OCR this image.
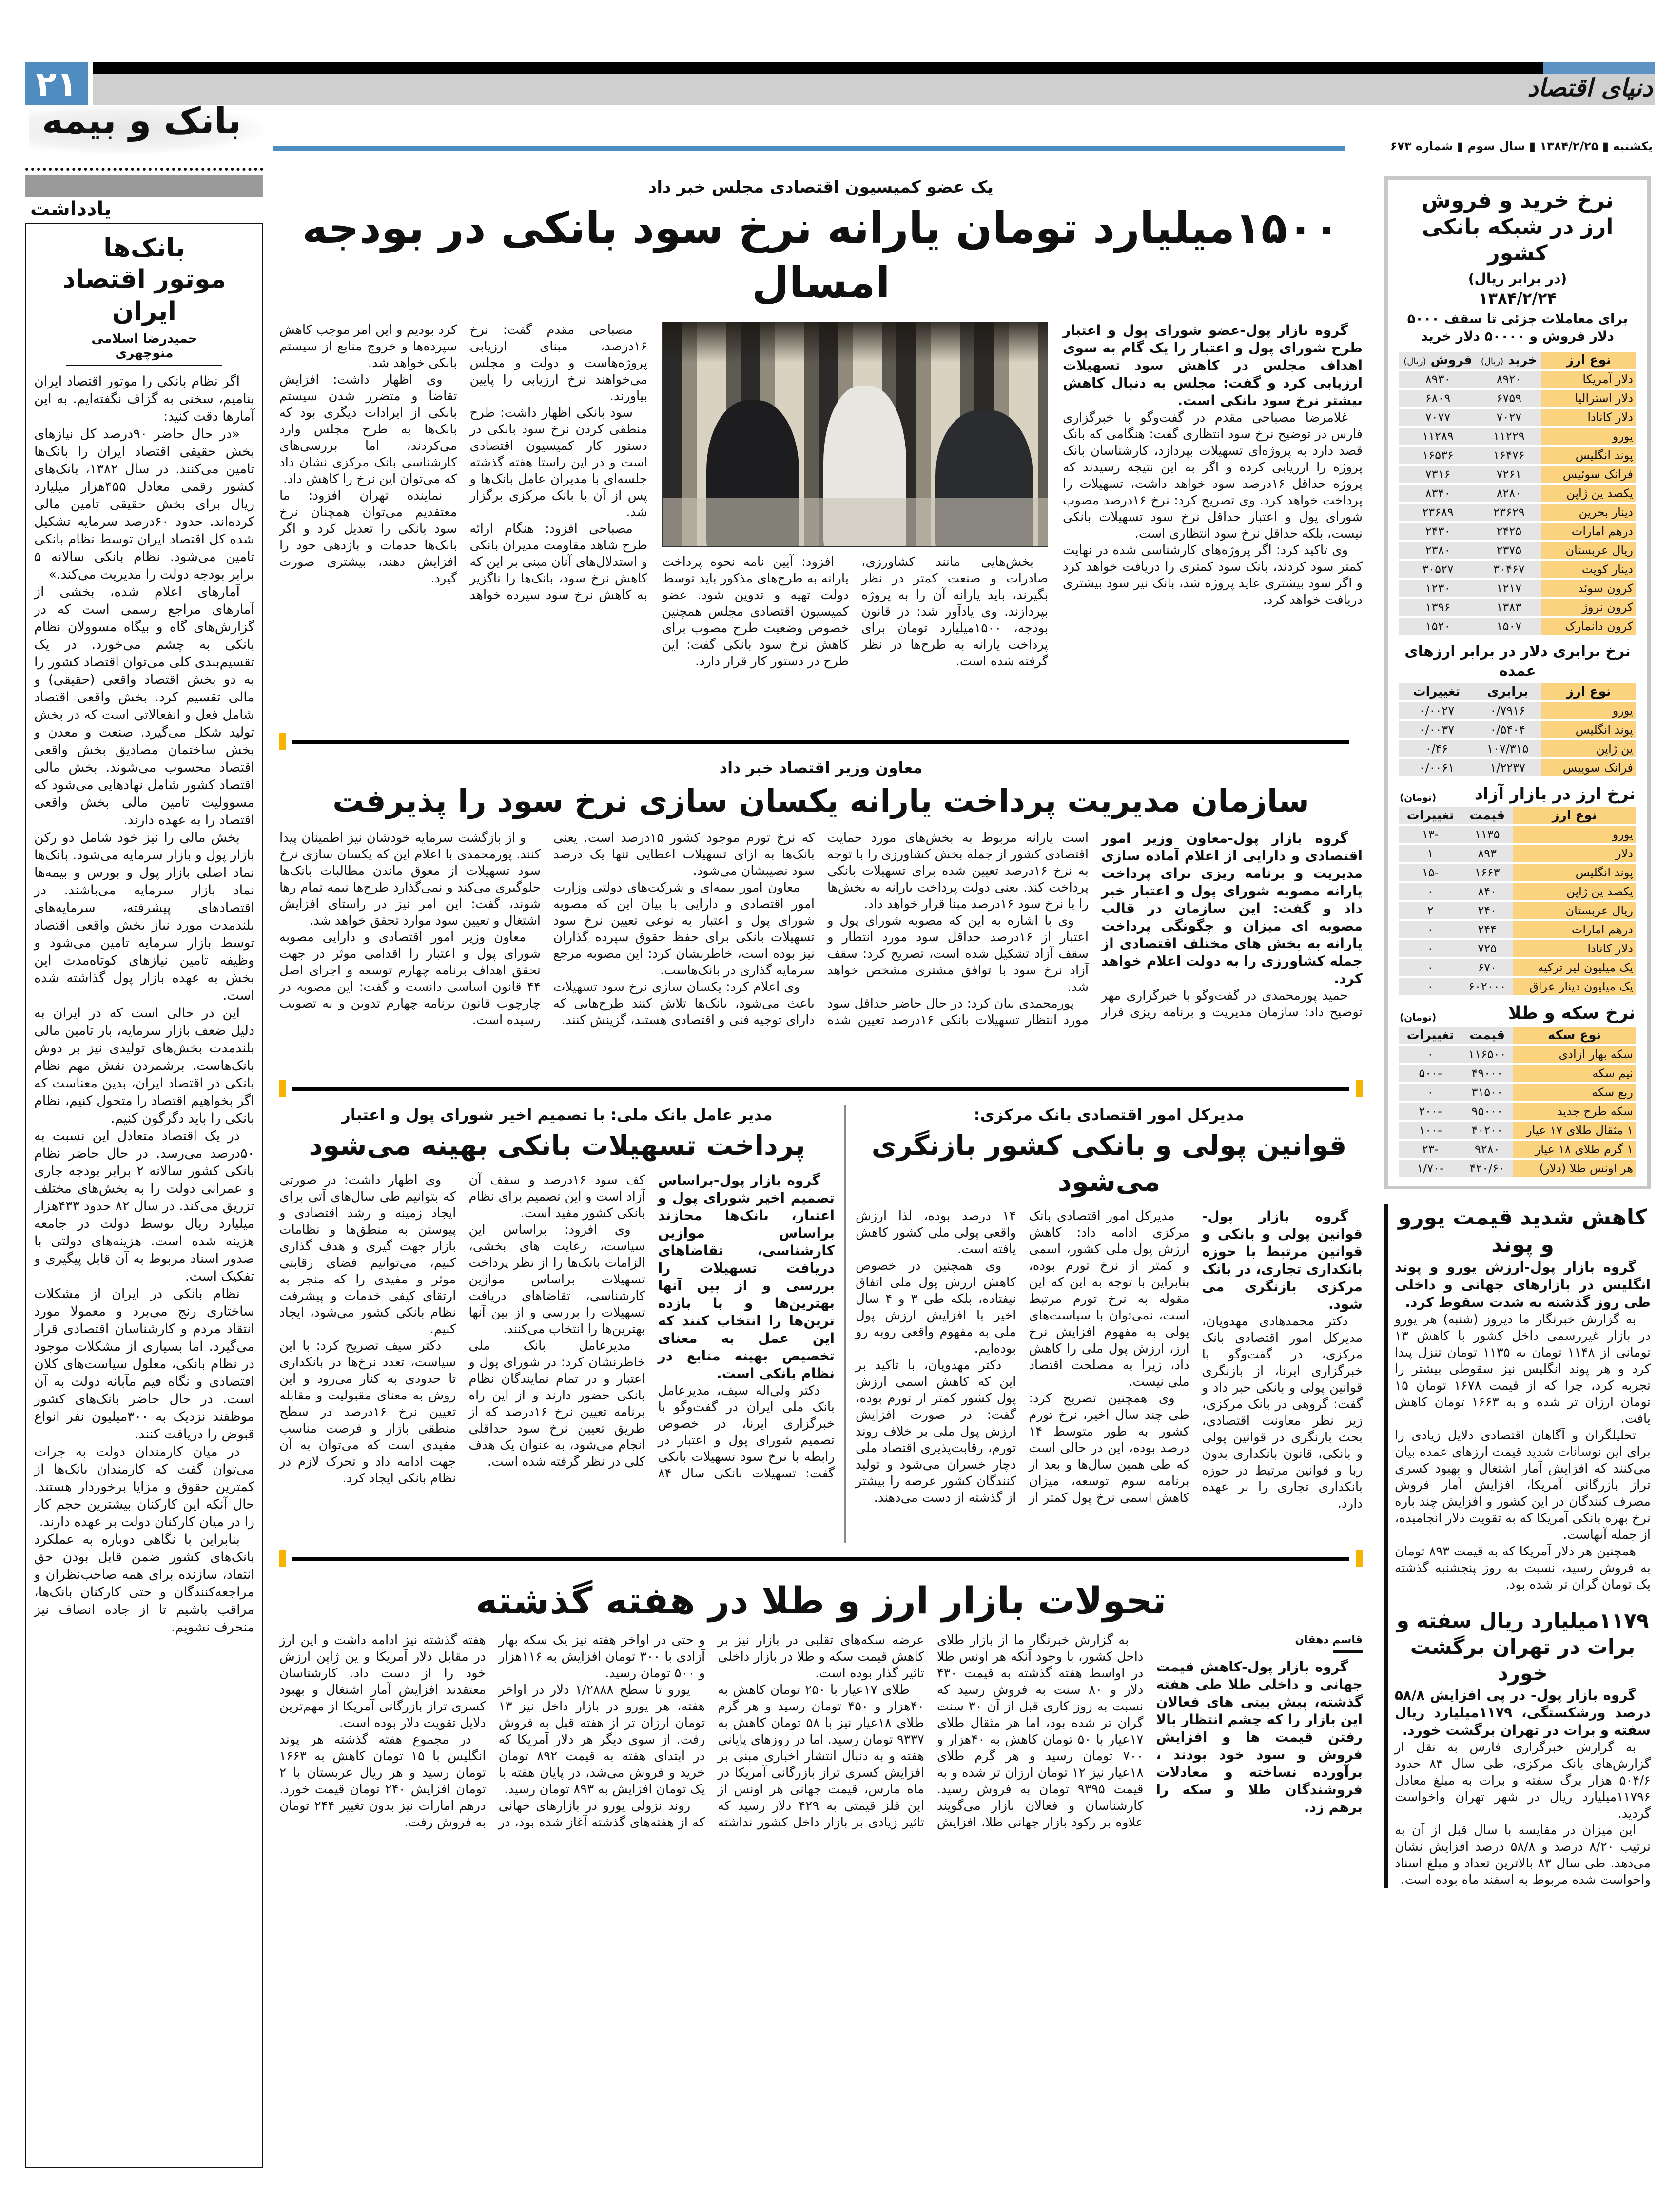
۲۱	دنیای اقتصاد
بانک و بیمه
یکشنبه ▮ ۱۳۸۴/۲/۲۵ ▮ سال سوم ▮ شماره ۶۷۳
یادداشت
بانک‌ها
موتور اقتصاد ایران
حمیدرضا اسلامی منوچهری

اگر نظام بانکی را موتور اقتصاد ایران بنامیم، سخنی به گزاف نگفته‌ایم. به این آمارها دقت کنید:

«در حال حاضر ۹۰درصد کل نیازهای بخش حقیقی اقتصاد ایران را بانک‌ها تامین می‌کنند. در سال ۱۳۸۲، بانک‌های کشور رقمی معادل ۴۵۵هزار میلیارد ریال برای بخش حقیقی تامین مالی کرده‌اند. حدود ۶۰درصد سرمایه تشکیل شده کل اقتصاد ایران توسط نظام بانکی تامین می‌شود. نظام بانکی سالانه ۵ برابر بودجه دولت را مدیریت می‌کند.»

آمارهای اعلام شده، بخشی از آمارهای مراجع رسمی است که در گزارش‌های گاه و بیگاه مسوولان نظام بانکی به چشم می‌خورد. در یک تقسیم‌بندی کلی می‌توان اقتصاد کشور را به دو بخش اقتصاد واقعی (حقیقی) و مالی تقسیم کرد. بخش واقعی اقتصاد شامل فعل و انفعالاتی است که در بخش تولید شکل می‌گیرد. صنعت و معدن و بخش ساختمان مصادیق بخش واقعی اقتصاد محسوب می‌شوند. بخش مالی اقتصاد کشور شامل نهادهایی می‌شود که مسوولیت تامین مالی بخش واقعی اقتصاد را به عهده دارند.

بخش مالی را نیز خود شامل دو رکن بازار پول و بازار سرمایه می‌شود. بانک‌ها نماد اصلی بازار پول و بورس و بیمه‌ها نماد بازار سرمایه می‌باشند. در اقتصادهای پیشرفته، سرمایه‌های بلندمدت مورد نیاز بخش واقعی اقتصاد توسط بازار سرمایه تامین می‌شود و وظیفه تامین نیازهای کوتاه‌مدت این بخش به عهده بازار پول گذاشته شده است.

این در حالی است که در ایران به دلیل ضعف بازار سرمایه، بار تامین مالی بلندمدت بخش‌های تولیدی نیز بر دوش بانک‌هاست. برشمردن نقش مهم نظام بانکی در اقتصاد ایران، بدین معناست که اگر بخواهیم اقتصاد را متحول کنیم، نظام بانکی را باید دگرگون کنیم.

در یک اقتصاد متعادل این نسبت به ۵۰درصد می‌رسد. در حال حاضر نظام بانکی کشور سالانه ۲ برابر بودجه جاری و عمرانی دولت را به بخش‌های مختلف تزریق می‌کند. در سال ۸۲ حدود ۴۳۳هزار میلیارد ریال توسط دولت در جامعه هزینه شده است. هزینه‌های دولتی با صدور اسناد مربوط به آن قابل پیگیری و تفکیک است.

نظام بانکی در ایران از مشکلات ساختاری رنج می‌برد و معمولا مورد انتقاد مردم و کارشناسان اقتصادی قرار می‌گیرد. اما بسیاری از مشکلات موجود در نظام بانکی، معلول سیاست‌های کلان اقتصادی و نگاه قیم مآبانه دولت به آن است. در حال حاضر بانک‌های کشور موظفند نزدیک به ۳۰۰میلیون نفر انواع قبوض را دریافت کنند.

در میان کارمندان دولت به جرات می‌توان گفت که کارمندان بانک‌ها از کمترین حقوق و مزایا برخوردار هستند. حال آنکه این کارکنان بیشترین حجم کار را در میان کارکنان دولت بر عهده دارند.

بنابراین با نگاهی دوباره به عملکرد بانک‌های کشور ضمن قابل بودن حق انتقاد، سازنده برای همه صاحب‌نظران و مراجعه‌کنندگان و حتی کارکنان بانک‌ها، مراقب باشیم تا از جاده انصاف نیز منحرف نشویم.

یک عضو کمیسیون اقتصادی مجلس خبر داد
۱۵۰۰میلیارد تومان یارانه نرخ سود بانکی در بودجه امسال

گروه بازار پول-عضو شورای پول و اعتبار طرح شورای پول و اعتبار را یک گام به سوی اهداف مجلس در کاهش سود تسهیلات ارزیابی کرد و گفت: مجلس به دنبال کاهش بیشتر نرخ سود بانکی است.

غلامرضا مصباحی مقدم در گفت‌وگو با خبرگزاری فارس در توضیح نرخ سود انتظاری گفت: هنگامی که بانک قصد دارد به پروژه‌ای تسهیلات بپردازد، کارشناسان بانک پروژه را ارزیابی کرده و اگر به این نتیجه رسیدند که پروژه حداقل ۱۶درصد سود خواهد داشت، تسهیلات را پرداخت خواهد کرد. وی تصریح کرد: نرخ ۱۶درصد مصوب شورای پول و اعتبار حداقل نرخ سود تسهیلات بانکی نیست، بلکه حداقل نرخ سود انتظاری است.

وی تاکید کرد: اگر پروژه‌های کارشناسی شده در نهایت کمتر سود کردند، بانک سود کمتری را دریافت خواهد کرد و اگر سود بیشتری عاید پروژه شد، بانک نیز سود بیشتری دریافت خواهد کرد.

بخش‌هایی مانند کشاورزی، صادرات و صنعت کمتر در نظر بگیرند، باید یارانه آن را به پروژه بپردازند. وی یادآور شد: در قانون بودجه، ۱۵۰۰میلیارد تومان برای پرداخت یارانه به طرح‌ها در نظر گرفته شده است.

افزود: آیین نامه نحوه پرداخت یارانه به طرح‌های مذکور باید توسط دولت تهیه و تدوین شود. عضو کمیسیون اقتصادی مجلس همچنین خصوص وضعیت طرح مصوب برای کاهش نرخ سود بانکی گفت: این طرح در دستور کار قرار دارد.

مصباحی مقدم گفت: نرخ ۱۶درصد، مبنای ارزیابی پروژه‌هاست و دولت و مجلس می‌خواهند نرخ ارزیابی را پایین بیاورند.

سود بانکی اظهار داشت: طرح منطقی کردن نرخ سود بانکی در دستور کار کمیسیون اقتصادی است و در این راستا هفته گذشته جلسه‌ای با مدیران عامل بانک‌ها و پس از آن با بانک مرکزی برگزار شد.

مصباحی افزود: هنگام ارائه طرح شاهد مقاومت مدیران بانکی و استدلال‌های آنان مبنی بر این که کاهش نرخ سود، بانک‌ها را ناگزیر به کاهش نرخ سود سپرده خواهد کرد بودیم و این امر موجب کاهش سپرده‌ها و خروج منابع از سیستم بانکی خواهد شد.

وی اظهار داشت: افزایش تقاضا و متضرر شدن سیستم بانکی از ایرادات دیگری بود که بانک‌ها به طرح مجلس وارد می‌کردند، اما بررسی‌های کارشناسی بانک مرکزی نشان داد که می‌توان این نرخ را کاهش داد.

نماینده تهران افزود: ما معتقدیم می‌توان همچنان نرخ سود بانکی را تعدیل کرد و اگر بانک‌ها خدمات و بازدهی خود را افزایش دهند، بیشتری صورت گیرد.

معاون وزیر اقتصاد خبر داد
سازمان مدیریت پرداخت یارانه یکسان سازی نرخ سود را پذیرفت

گروه بازار پول-معاون وزیر امور اقتصادی و دارایی از اعلام آماده سازی مدیریت و برنامه ریزی برای پرداخت یارانه مصوبه شورای پول و اعتبار خبر داد و گفت: این سازمان در قالب مصوبه ای میزان و چگونگی پرداخت یارانه به بخش های مختلف اقتصادی از جمله کشاورزی را به دولت اعلام خواهد کرد.

حمید پورمحمدی در گفت‌وگو با خبرگزاری مهر توضیح داد: سازمان مدیریت و برنامه ریزی قرار است یارانه مربوط به بخش‌های مورد حمایت اقتصادی کشور از جمله بخش کشاورزی را با توجه به نرخ ۱۶درصد تعیین شده برای تسهیلات بانکی پرداخت کند. بعنی دولت پرداخت یارانه به بخش‌ها را با نرخ سود ۱۶درصد مبنا قرار خواهد داد.

وی با اشاره به این که مصوبه شورای پول و اعتبار از ۱۶درصد حداقل سود مورد انتظار و سقف آزاد تشکیل شده است، تصریح کرد: سقف آزاد نرخ سود با توافق مشتری مشخص خواهد شد.

پورمحمدی بیان کرد: در حال حاضر حداقل سود مورد انتظار تسهیلات بانکی ۱۶درصد تعیین شده که نرخ تورم موجود کشور ۱۵درصد است. یعنی بانک‌ها به ازای تسهیلات اعطایی تنها یک درصد سود نصیبشان می‌شود.

معاون امور بیمه‌ای و شرکت‌های دولتی وزارت امور اقتصادی و دارایی با بیان این که مصوبه شورای پول و اعتبار به نوعی تعیین نرخ سود تسهیلات بانکی برای حفظ حقوق سپرده گذاران نیز بوده است، خاطرنشان کرد: این مصوبه مرجع سرمایه گذاری در بانک‌هاست.

وی اعلام کرد: یکسان سازی نرخ سود تسهیلات باعث می‌شود، بانک‌ها تلاش کنند طرح‌هایی که دارای توجیه فنی و اقتصادی هستند، گزینش کنند.

و از بازگشت سرمایه خودشان نیز اطمینان پیدا کنند. پورمحمدی با اعلام این که یکسان سازی نرخ سود تسهیلات از معوق ماندن مطالبات بانک‌ها جلوگیری می‌کند و نمی‌گذارد طرح‌ها نیمه تمام رها شوند، گفت: این امر نیز در راستای افزایش اشتغال و تعیین سود موارد تحقق خواهد شد.

معاون وزیر امور اقتصادی و دارایی مصوبه شورای پول و اعتبار را اقدامی موثر در جهت تحقق اهداف برنامه چهارم توسعه و اجرای اصل ۴۴ قانون اساسی دانست و گفت: این مصوبه در چارچوب قانون برنامه چهارم تدوین و به تصویب رسیده است.

مدیرکل امور اقتصادی بانک مرکزی:
قوانین پولی و بانکی کشور بازنگری می‌شود

گروه بازار پول- قوانین پولی و بانکی و قوانین مرتبط با حوزه بانکداری تجاری، در بانک مرکزی بازنگری می شود.

دکتر محمدهادی مهدویان، مدیرکل امور اقتصادی بانک مرکزی، در گفت‌وگو با خبرگزاری ایرنا، از بازنگری قوانین پولی و بانکی خبر داد و گفت: گروهی در بانک مرکزی، زیر نظر معاونت اقتصادی، بحث بازنگری در قوانین پولی و بانکی، قانون بانکداری بدون ربا و قوانین مرتبط در حوزه بانکداری تجاری را بر عهده دارد.

مدیرکل امور اقتصادی بانک مرکزی ادامه داد: کاهش ارزش پول ملی کشور، اسمی و کمتر از نرخ تورم بوده، بنابراین با توجه به این که این مقوله به نرخ تورم مرتبط است، نمی‌توان با سیاست‌های پولی به مفهوم افزایش نرخ ارز، ارزش پول ملی را کاهش داد، زیرا به مصلحت اقتصاد ملی نیست.

وی همچنین تصریح کرد: طی چند سال اخیر، نرخ تورم کشور به طور متوسط ۱۴ درصد بوده، این در حالی است که طی همین سال‌ها و بعد از برنامه سوم توسعه، میزان کاهش اسمی نرخ پول کمتر از ۱۴ درصد بوده، لذا ارزش واقعی پولی ملی کشور کاهش یافته است.

وی همچنین در خصوص کاهش ارزش پول ملی اتفاق نیفتاده، بلکه طی ۳ و ۴ سال اخیر با افزایش ارزش پول ملی به مفهوم واقعی روبه رو بوده‌ایم.

دکتر مهدویان، با تاکید بر این که کاهش اسمی ارزش پول کشور کمتر از تورم بوده، گفت: در صورت افزایش ارزش پول ملی بر خلاف روند تورم، رقابت‌پذیری اقتصاد ملی دچار خسران می‌شود و تولید کنندگان کشور عرصه را بیشتر از گذشته از دست می‌دهند.

مدیر عامل بانک ملی: با تصمیم اخیر شورای پول و اعتبار
پرداخت تسهیلات بانکی بهینه می‌شود

گروه بازار پول-براساس تصمیم اخیر شورای پول و اعتبار، بانک‌ها مجازند براساس موازین کارشناسی، تقاضاهای دریافت تسهیلات را بررسی و از بین آنها بهترین‌ها و با بازده ترین‌ها را انتخاب کنند که این عمل به معنای تخصیص بهینه منابع در نظام بانکی است.

دکتر ولی‌اله سیف، مدیرعامل بانک ملی ایران در گفت‌وگو با خبرگزاری ایرنا، در خصوص تصمیم شورای پول و اعتبار در رابطه با نرخ سود تسهیلات بانکی گفت: تسهیلات بانکی سال ۸۴ کف سود ۱۶درصد و سقف آن آزاد است و این تصمیم برای نظام بانکی کشور مفید است.

وی افزود: براساس این سیاست، رعایت های بخشی، الزامات بانک‌ها را از نظر پرداخت تسهیلات براساس موازین کارشناسی، تقاضاهای دریافت تسهیلات را بررسی و از بین آنها بهترین‌ها را انتخاب می‌کنند.

مدیرعامل بانک ملی خاطرنشان کرد: در شورای پول و اعتبار و در تمام نمایندگان نظام بانکی حضور دارند و از این راه برنامه تعیین نرخ ۱۶درصد که از طریق تعیین نرخ سود حداقلی انجام می‌شود، به عنوان یک هدف کلی در نظر گرفته شده است.

وی اظهار داشت: در صورتی که بتوانیم طی سال‌های آتی برای ایجاد زمینه و رشد اقتصادی و پیوستن به منطق‌ها و نظامات بازار جهت گیری و هدف گذاری کنیم، می‌توانیم فضای رقابتی موثر و مفیدی را که منجر به ارتقای کیفی خدمات و پیشرفت نظام بانکی کشور می‌شود، ایجاد کنیم.

دکتر سیف تصریح کرد: با این سیاست، تعدد نرخ‌ها در بانکداری تا حدودی به کنار می‌رود و این روش به معنای مقبولیت و مقابله تعیین نرخ ۱۶درصد در سطح منطقی بازار و فرصت مناسب مفیدی است که می‌توان به آن جهت ادامه داد و تحرک لازم در نظام بانکی ایجاد کرد.

تحولات بازار ارز و طلا در هفته گذشته
قاسم دهقان

گروه بازار پول-کاهش قیمت جهانی و داخلی طلا طی هفته گذشته، پیش بینی های فعالان این بازار را که چشم انتظار بالا رفتن قیمت ها و افزایش فروش و سود خود بودند ، برآورده نساخته و معادلات فروشندگان طلا و سکه را برهم زد.

به گزارش خبرنگار ما از بازار طلای داخل کشور، با وجود آنکه هر اونس طلا در اواسط هفته گذشته به قیمت ۴۳۰ دلار و ۸۰ سنت به فروش رسید که نسبت به روز کاری قبل از آن ۳۰ سنت گران تر شده بود، اما هر مثقال طلای ۱۷عیار با ۵۰ تومان کاهش به ۴۰هزار و ۷۰۰ تومان رسید و هر گرم طلای ۱۸عیار نیز ۱۲ تومان ارزان تر شده و به قیمت ۹۳۹۵ تومان به فروش رسید. کارشناسان و فعالان بازار می‌گویند علاوه بر رکود بازار جهانی طلا، افزایش عرضه سکه‌های تقلبی در بازار نیز بر کاهش قیمت سکه و طلا در بازار داخلی تاثیر گذار بوده است.

طلای ۱۷عیار با ۲۵۰ تومان کاهش به ۴۰هزار و ۴۵۰ تومان رسید و هر گرم طلای ۱۸عیار نیز با ۵۸ تومان کاهش به ۹۳۳۷ تومان رسید. اما در روزهای پایانی هفته و به دنبال انتشار اخباری مبنی بر افزایش کسری تراز بازرگانی آمریکا در ماه مارس، قیمت جهانی هر اونس از این فلز قیمتی به ۴۲۹ دلار رسید که تاثیر زیادی بر بازار داخل کشور نداشته و حتی در اواخر هفته نیز یک سکه بهار آزادی با ۳۰۰ تومان افزایش به ۱۱۶هزار و ۵۰۰ تومان رسید.

یورو تا سطح ۱/۲۸۸۸ دلار در اواخر هفته، هر یورو در بازار داخل نیز ۱۳ تومان ارزان تر از هفته قبل به فروش رفت. از سوی دیگر هر دلار آمریکا که در ابتدای هفته به قیمت ۸۹۲ تومان خرید و فروش می‌شد، در پایان هفته با یک تومان افزایش به ۸۹۳ تومان رسید.

روند نزولی یورو در بازارهای جهانی که از هفته‌های گذشته آغاز شده بود، در هفته گذشته نیز ادامه داشت و این ارز در مقابل دلار آمریکا و ین ژاپن ارزش خود را از دست داد. کارشناسان معتقدند افزایش آمار اشتغال و بهبود کسری تراز بازرگانی آمریکا از مهم‌ترین دلایل تقویت دلار بوده است.

در مجموع هفته گذشته هر پوند انگلیس با ۱۵ تومان کاهش به ۱۶۶۳ تومان رسید و هر ریال عربستان با ۲ تومان افزایش ۲۴۰ تومان قیمت خورد. درهم امارات نیز بدون تغییر ۲۴۴ تومان به فروش رفت.

نرخ خرید و فروش ارز در شبکه بانکی کشور
(در برابر ریال)
۱۳۸۴/۲/۲۴
برای معاملات جزئی تا سقف ۵۰۰۰ دلار فروش و ۵۰۰۰۰ دلار خرید
نوع ارز	خرید (ریال)	فروش (ریال)
دلار آمریکا	۸۹۲۰	۸۹۳۰
دلار استرالیا	۶۷۵۹	۶۸۰۹
دلار کانادا	۷۰۲۷	۷۰۷۷
یورو	۱۱۲۲۹	۱۱۲۸۹
پوند انگلیس	۱۶۴۷۶	۱۶۵۳۶
فرانک سوئیس	۷۲۶۱	۷۳۱۶
یکصد ین ژاپن	۸۲۸۰	۸۳۴۰
دینار بحرین	۲۳۶۲۹	۲۳۶۸۹
درهم امارات	۲۴۲۵	۲۴۳۰
ریال عربستان	۲۳۷۵	۲۳۸۰
دینار کویت	۳۰۴۶۷	۳۰۵۲۷
کرون سوئد	۱۲۱۷	۱۲۳۰
کرون نروژ	۱۳۸۳	۱۳۹۶
کرون دانمارک	۱۵۰۷	۱۵۲۰
نرخ برابری دلار در برابر ارزهای عمده
نوع ارز	برابری	تغییرات
یورو	۰/۷۹۱۶	۰/۰۰۲۷
پوند انگلیس	۰/۵۴۰۴	۰/۰۰۳۷
ین ژاپن	۱۰۷/۳۱۵	۰/۴۶
فرانک سوییس	۱/۲۲۳۷	۰/۰۰۶۱
نرخ ارز در بازار آزاد
(تومان)
نوع ارز	قیمت	تغییرات
یورو	۱۱۳۵	-۱۳
دلار	۸۹۳	۱
پوند انگلیس	۱۶۶۳	-۱۵
یکصد ین ژاپن	۸۴۰	۰
ریال عربستان	۲۴۰	۲
درهم امارات	۲۴۴	۰
دلار کانادا	۷۲۵	۰
یک میلیون لیر ترکیه	۶۷۰	۰
یک میلیون دینار عراق	۶۰۲۰۰۰	۰
نرخ سکه و طلا
(تومان)
نوع سکه	قیمت	تغییرات
سکه بهار آزادی	۱۱۶۵۰۰	۰
نیم سکه	۴۹۰۰۰	-۵۰۰
ربع سکه	۳۱۵۰۰	۰
سکه طرح جدید	۹۵۰۰۰	-۲۰۰
۱ مثقال طلای ۱۷ عیار	۴۰۲۰۰	-۱۰۰
۱ گرم طلای ۱۸ عیار	۹۲۸۰	-۲۳
هر اونس طلا (دلار)	۴۲۰/۶۰	-۱/۷۰
کاهش شدید قیمت یورو و پوند

گروه بازار پول-ارزش یورو و پوند انگلیس در بازارهای جهانی و داخلی طی روز گذشته به شدت سقوط کرد.

به گزارش خبرنگار ما دیروز (شنبه) هر یورو در بازار غیررسمی داخل کشور با کاهش ۱۳ تومانی از ۱۱۴۸ تومان به ۱۱۳۵ تومان تنزل پیدا کرد و هر پوند انگلیس نیز سقوطی بیشتر را تجربه کرد، چرا که از قیمت ۱۶۷۸ تومان ۱۵ تومان ارزان تر شده و به ۱۶۶۳ تومان کاهش یافت.

تحلیلگران و آگاهان اقتصادی دلایل زیادی را برای این نوسانات شدید قیمت ارزهای عمده بیان می‌کنند که افزایش آمار اشتغال و بهبود کسری تراز بازرگانی آمریکا، افزایش آمار فروش مصرف کنندگان در این کشور و افزایش چند باره نرخ بهره بانکی آمریکا که به تقویت دلار انجامیده، از جمله آنهاست.

همچنین هر دلار آمریکا که به قیمت ۸۹۳ تومان به فروش رسید، نسبت به روز پنجشنبه گذشته یک تومان گران تر شده بود.

۱۱۷۹میلیارد ریال سفته و برات در تهران برگشت خورد

گروه بازار پول- در پی افزایش ۵۸/۸ درصد ورشکستگی، ۱۱۷۹میلیارد ریال سفته و برات در تهران برگشت خورد.

به گزارش خبرگزاری فارس به نقل از گزارش‌های بانک مرکزی، طی سال ۸۳ حدود ۵۰۴/۶ هزار برگ سفته و برات به مبلغ معادل ۱۱۷۹۶میلیارد ریال در شهر تهران واخواست گردید.

این میزان در مقایسه با سال قبل از آن به ترتیب ۸/۲۰ درصد و ۵۸/۸ درصد افزایش نشان می‌دهد. طی سال ۸۳ بالاترین تعداد و مبلغ اسناد واخواست شده مربوط به اسفند ماه بوده است.
